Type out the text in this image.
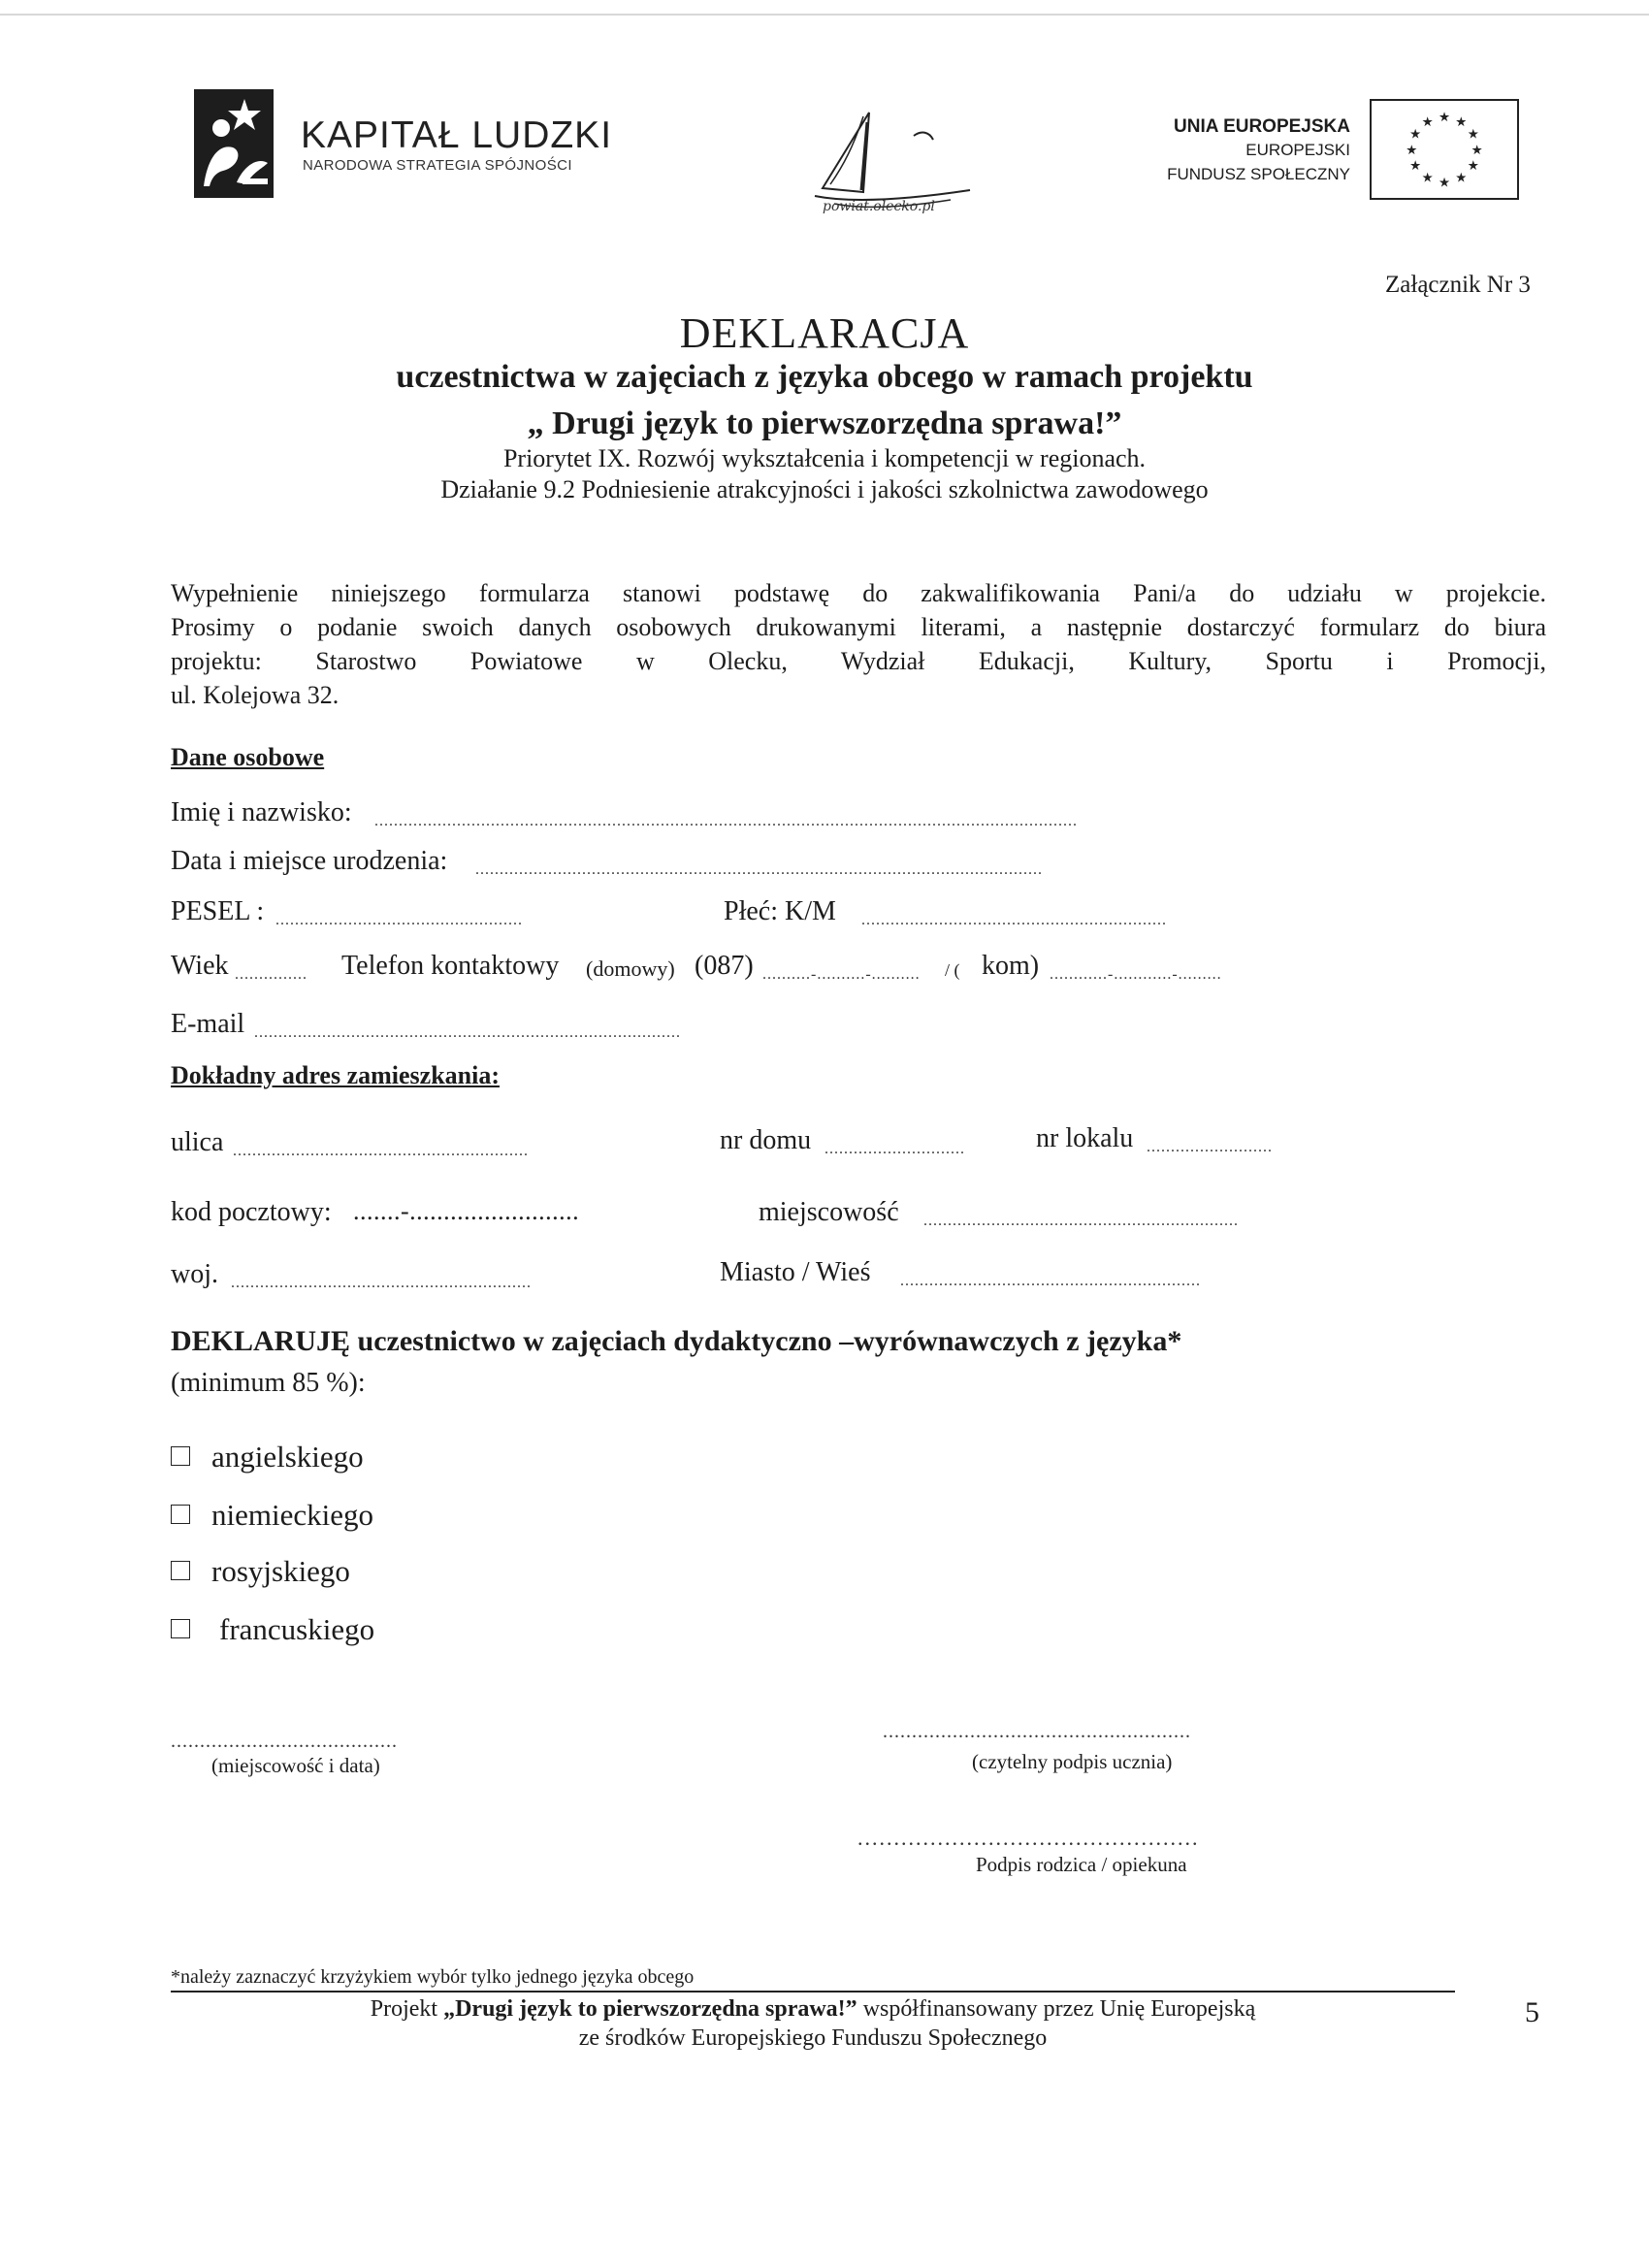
KAPITAŁ LUDZKI
NARODOWA STRATEGIA SPÓJNOŚCI
powiat.olecko.pl
UNIA EUROPEJSKA
EUROPEJSKI
FUNDUSZ SPOŁECZNY
★ ★
★
★
★
★
★
★
★
★
★
★
Załącznik Nr 3
DEKLARACJA
uczestnictwa w zajęciach z języka obcego w ramach projektu
„ Drugi język to pierwszorzędna sprawa!”
Priorytet IX. Rozwój wykształcenia i kompetencji w regionach.
Działanie 9.2 Podniesienie atrakcyjności i jakości szkolnictwa zawodowego
Wypełnienie niniejszego formularza stanowi podstawę do zakwalifikowania Pani/a do udziału w projekcie.
Prosimy o podanie swoich danych osobowych drukowanymi literami, a następnie dostarczyć formularz do biura
projektu: Starostwo Powiatowe w Olecku, Wydział Edukacji, Kultury, Sportu i Promocji,
ul. Kolejowa 32.
Dane osobowe
Imię i nazwisko: .................................................................................................................................................
Data i miejsce urodzenia: .....................................................................................................................
PESEL : ...................................................	Płeć: K/M ...............................................................
Wiek ............... Telefon kontaktowy (domowy) (087) ..........-..........-.......... / ( kom) ............-............-.........
E-mail ........................................................................................
Dokładny adres zamieszkania:
ulica .............................................................	nr domu .............................	nr lokalu ..........................
kod pocztowy: .......-.........................	miejscowość .................................................................
woj. ..............................................................	Miasto / Wieś ..............................................................
DEKLARUJĘ uczestnictwo w zajęciach dydaktyczno –wyrównawczych z języka*
(minimum 85 %):
angielskiego
niemieckiego
rosyjskiego
francuskiego
.......................................
(miejscowość i data)
.....................................................
(czytelny podpis ucznia)
...............................................
Podpis rodzica / opiekuna
*należy zaznaczyć krzyżykiem wybór tylko jednego języka obcego
Projekt „Drugi język to pierwszorzędna sprawa!” współfinansowany przez Unię Europejską
ze środków Europejskiego Funduszu Społecznego
5
